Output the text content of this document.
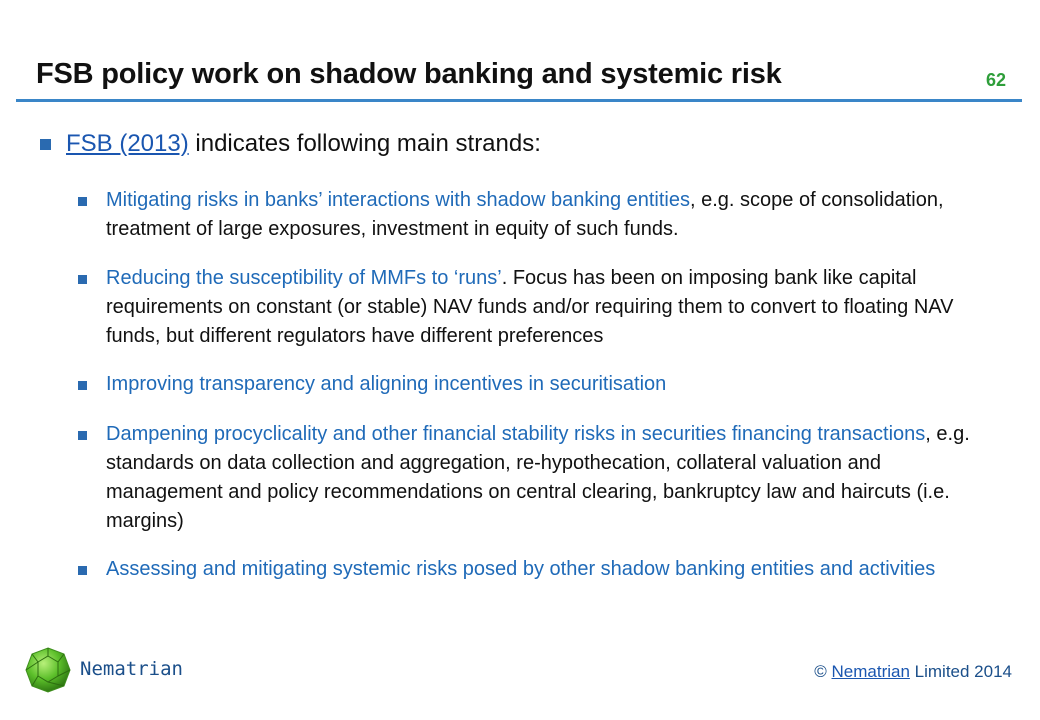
FSB policy work on shadow banking and systemic risk	62
FSB (2013) indicates following main strands:
Mitigating risks in banks’ interactions with shadow banking entities, e.g. scope of consolidation, treatment of large exposures, investment in equity of such funds.
Reducing the susceptibility of MMFs to ‘runs’. Focus has been on imposing bank like capital requirements on constant (or stable) NAV funds and/or requiring them to convert to floating NAV funds, but different regulators have different preferences
Improving transparency and aligning incentives in securitisation
Dampening procyclicality and other financial stability risks in securities financing transactions, e.g. standards on data collection and aggregation, re-hypothecation, collateral valuation and management and policy recommendations on central clearing, bankruptcy law and haircuts (i.e. margins)
Assessing and mitigating systemic risks posed by other shadow banking entities and activities
Nematrian	© Nematrian Limited 2014
